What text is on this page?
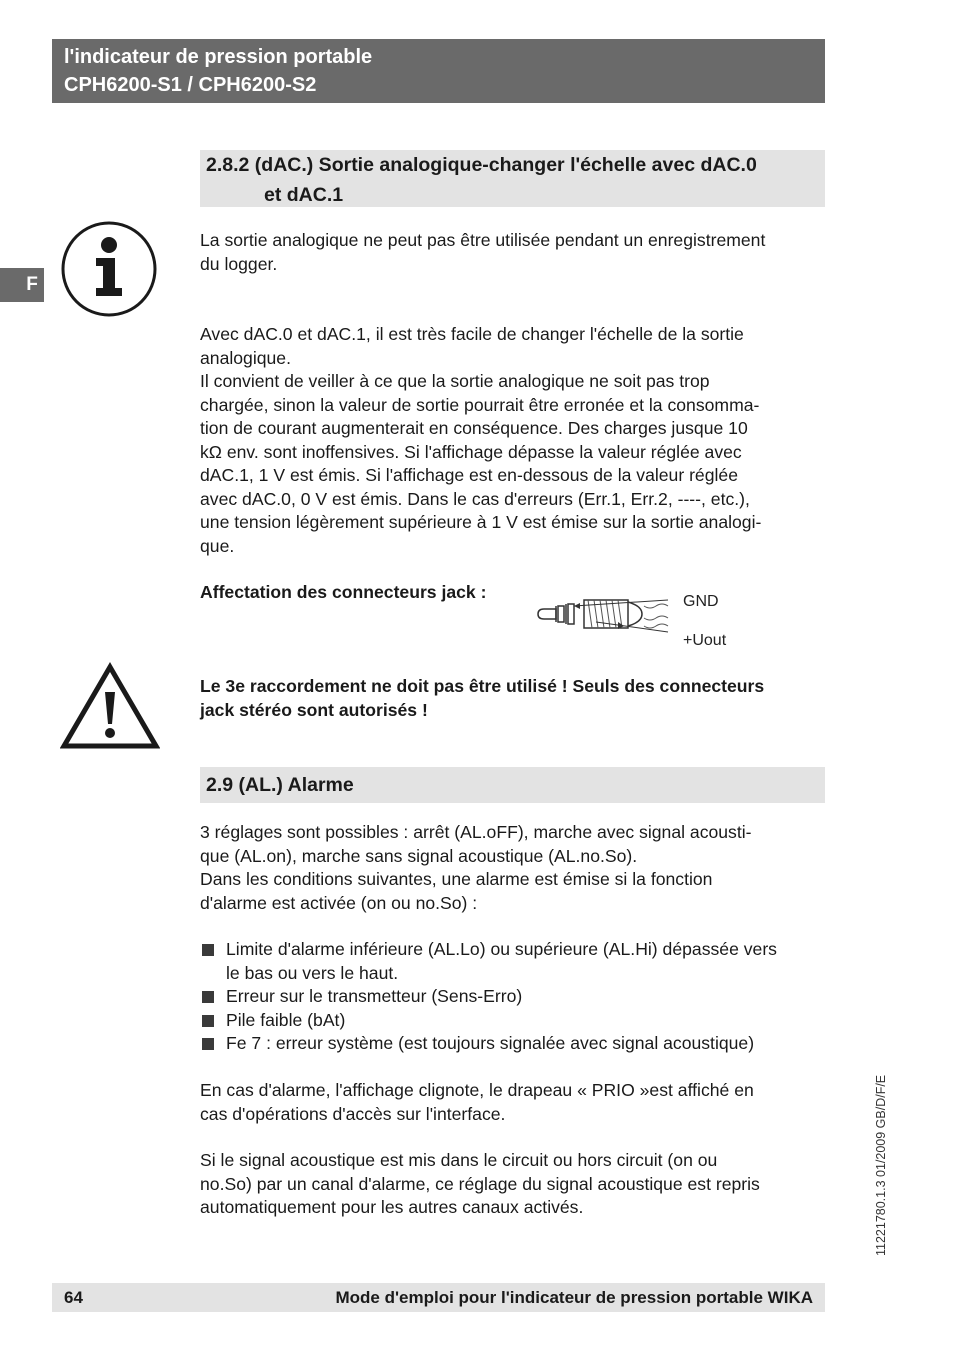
l'indicateur de pression portable
CPH6200-S1 / CPH6200-S2
F
2.8.2 (dAC.) Sortie analogique-changer l'échelle avec dAC.0
et dAC.1
La sortie analogique ne peut pas être utilisée pendant un enregistrement
du logger.
Avec dAC.0 et dAC.1, il est très facile de changer l'échelle de la sortie
analogique.
Il convient de veiller à ce que la sortie analogique ne soit pas trop
chargée, sinon la valeur de sortie pourrait être erronée et la consomma-
tion de courant augmenterait en conséquence. Des charges jusque 10
kΩ env. sont inoffensives. Si l'affichage dépasse la valeur réglée avec
dAC.1, 1 V est émis. Si l'affichage est en-dessous de la valeur réglée
avec dAC.0, 0 V est émis. Dans le cas d'erreurs (Err.1, Err.2, ----, etc.),
une tension légèrement supérieure à 1 V est émise sur la sortie analogi-
que.
Affectation des connecteurs jack :	GND
+Uout
Le 3e raccordement ne doit pas être utilisé ! Seuls des connecteurs
jack stéréo sont autorisés !
2.9 (AL.) Alarme
3 réglages sont possibles : arrêt (AL.oFF), marche avec signal acousti-
que (AL.on), marche sans signal acoustique (AL.no.So).
Dans les conditions suivantes, une alarme est émise si la fonction
d'alarme est activée (on ou no.So) :
Limite d'alarme inférieure (AL.Lo) ou supérieure (AL.Hi) dépassée vers
le bas ou vers le haut.
Erreur sur le transmetteur (Sens-Erro)
Pile faible (bAt)
Fe 7 : erreur système (est toujours signalée avec signal acoustique)
En cas d'alarme, l'affichage clignote, le drapeau « PRIO »est affiché en
cas d'opérations d'accès sur l'interface.
Si le signal acoustique est mis dans le circuit ou hors circuit (on ou
no.So) par un canal d'alarme, ce réglage du signal acoustique est repris
automatiquement pour les autres canaux activés.	11221780.1.3 01/2009 GB/D/F/E
64	Mode d'emploi pour l'indicateur de pression portable WIKA
